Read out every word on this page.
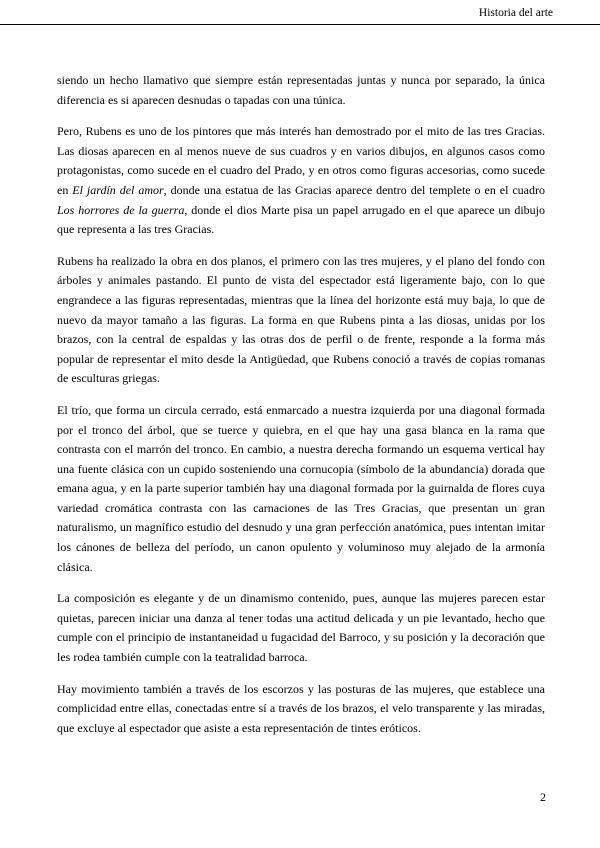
Historia del arte

siendo un hecho llamativo que siempre están representadas juntas y nunca por separado, la única diferencia es si aparecen desnudas o tapadas con una túnica.

Pero, Rubens es uno de los pintores que más interés han demostrado por el mito de las tres Gracias. Las diosas aparecen en al menos nueve de sus cuadros y en varios dibujos, en algunos casos como protagonistas, como sucede en el cuadro del Prado, y en otros como figuras accesorias, como sucede en El jardín del amor, donde una estatua de las Gracias aparece dentro del templete o en el cuadro Los horrores de la guerra, donde el dios Marte pisa un papel arrugado en el que aparece un dibujo que representa a las tres Gracias.

Rubens ha realizado la obra en dos planos, el primero con las tres mujeres, y el plano del fondo con árboles y animales pastando. El punto de vista del espectador está ligeramente bajo, con lo que engrandece a las figuras representadas, mientras que la línea del horizonte está muy baja, lo que de nuevo da mayor tamaño a las figuras. La forma en que Rubens pinta a las diosas, unidas por los brazos, con la central de espaldas y las otras dos de perfil o de frente, responde a la forma más popular de representar el mito desde la Antigüedad, que Rubens conoció a través de copias romanas de esculturas griegas.

El trío, que forma un circula cerrado, está enmarcado a nuestra izquierda por una diagonal formada por el tronco del árbol, que se tuerce y quiebra, en el que hay una gasa blanca en la rama que contrasta con el marrón del tronco. En cambio, a nuestra derecha formando un esquema vertical hay una fuente clásica con un cupido sosteniendo una cornucopia (símbolo de la abundancia) dorada que emana agua, y en la parte superior también hay una diagonal formada por la guirnalda de flores cuya variedad cromática contrasta con las carnaciones de las Tres Gracias, que presentan un gran naturalismo, un magnífico estudio del desnudo y una gran perfección anatómica, pues intentan imitar los cánones de belleza del período, un canon opulento y voluminoso muy alejado de la armonía clásica.

La composición es elegante y de un dinamismo contenido, pues, aunque las mujeres parecen estar quietas, parecen iniciar una danza al tener todas una actitud delicada y un pie levantado, hecho que cumple con el principio de instantaneidad u fugacidad del Barroco, y su posición y la decoración que les rodea también cumple con la teatralidad barroca.

Hay movimiento también a través de los escorzos y las posturas de las mujeres, que establece una complicidad entre ellas, conectadas entre sí a través de los brazos, el velo transparente y las miradas, que excluye al espectador que asiste a esta representación de tintes eróticos.

2
